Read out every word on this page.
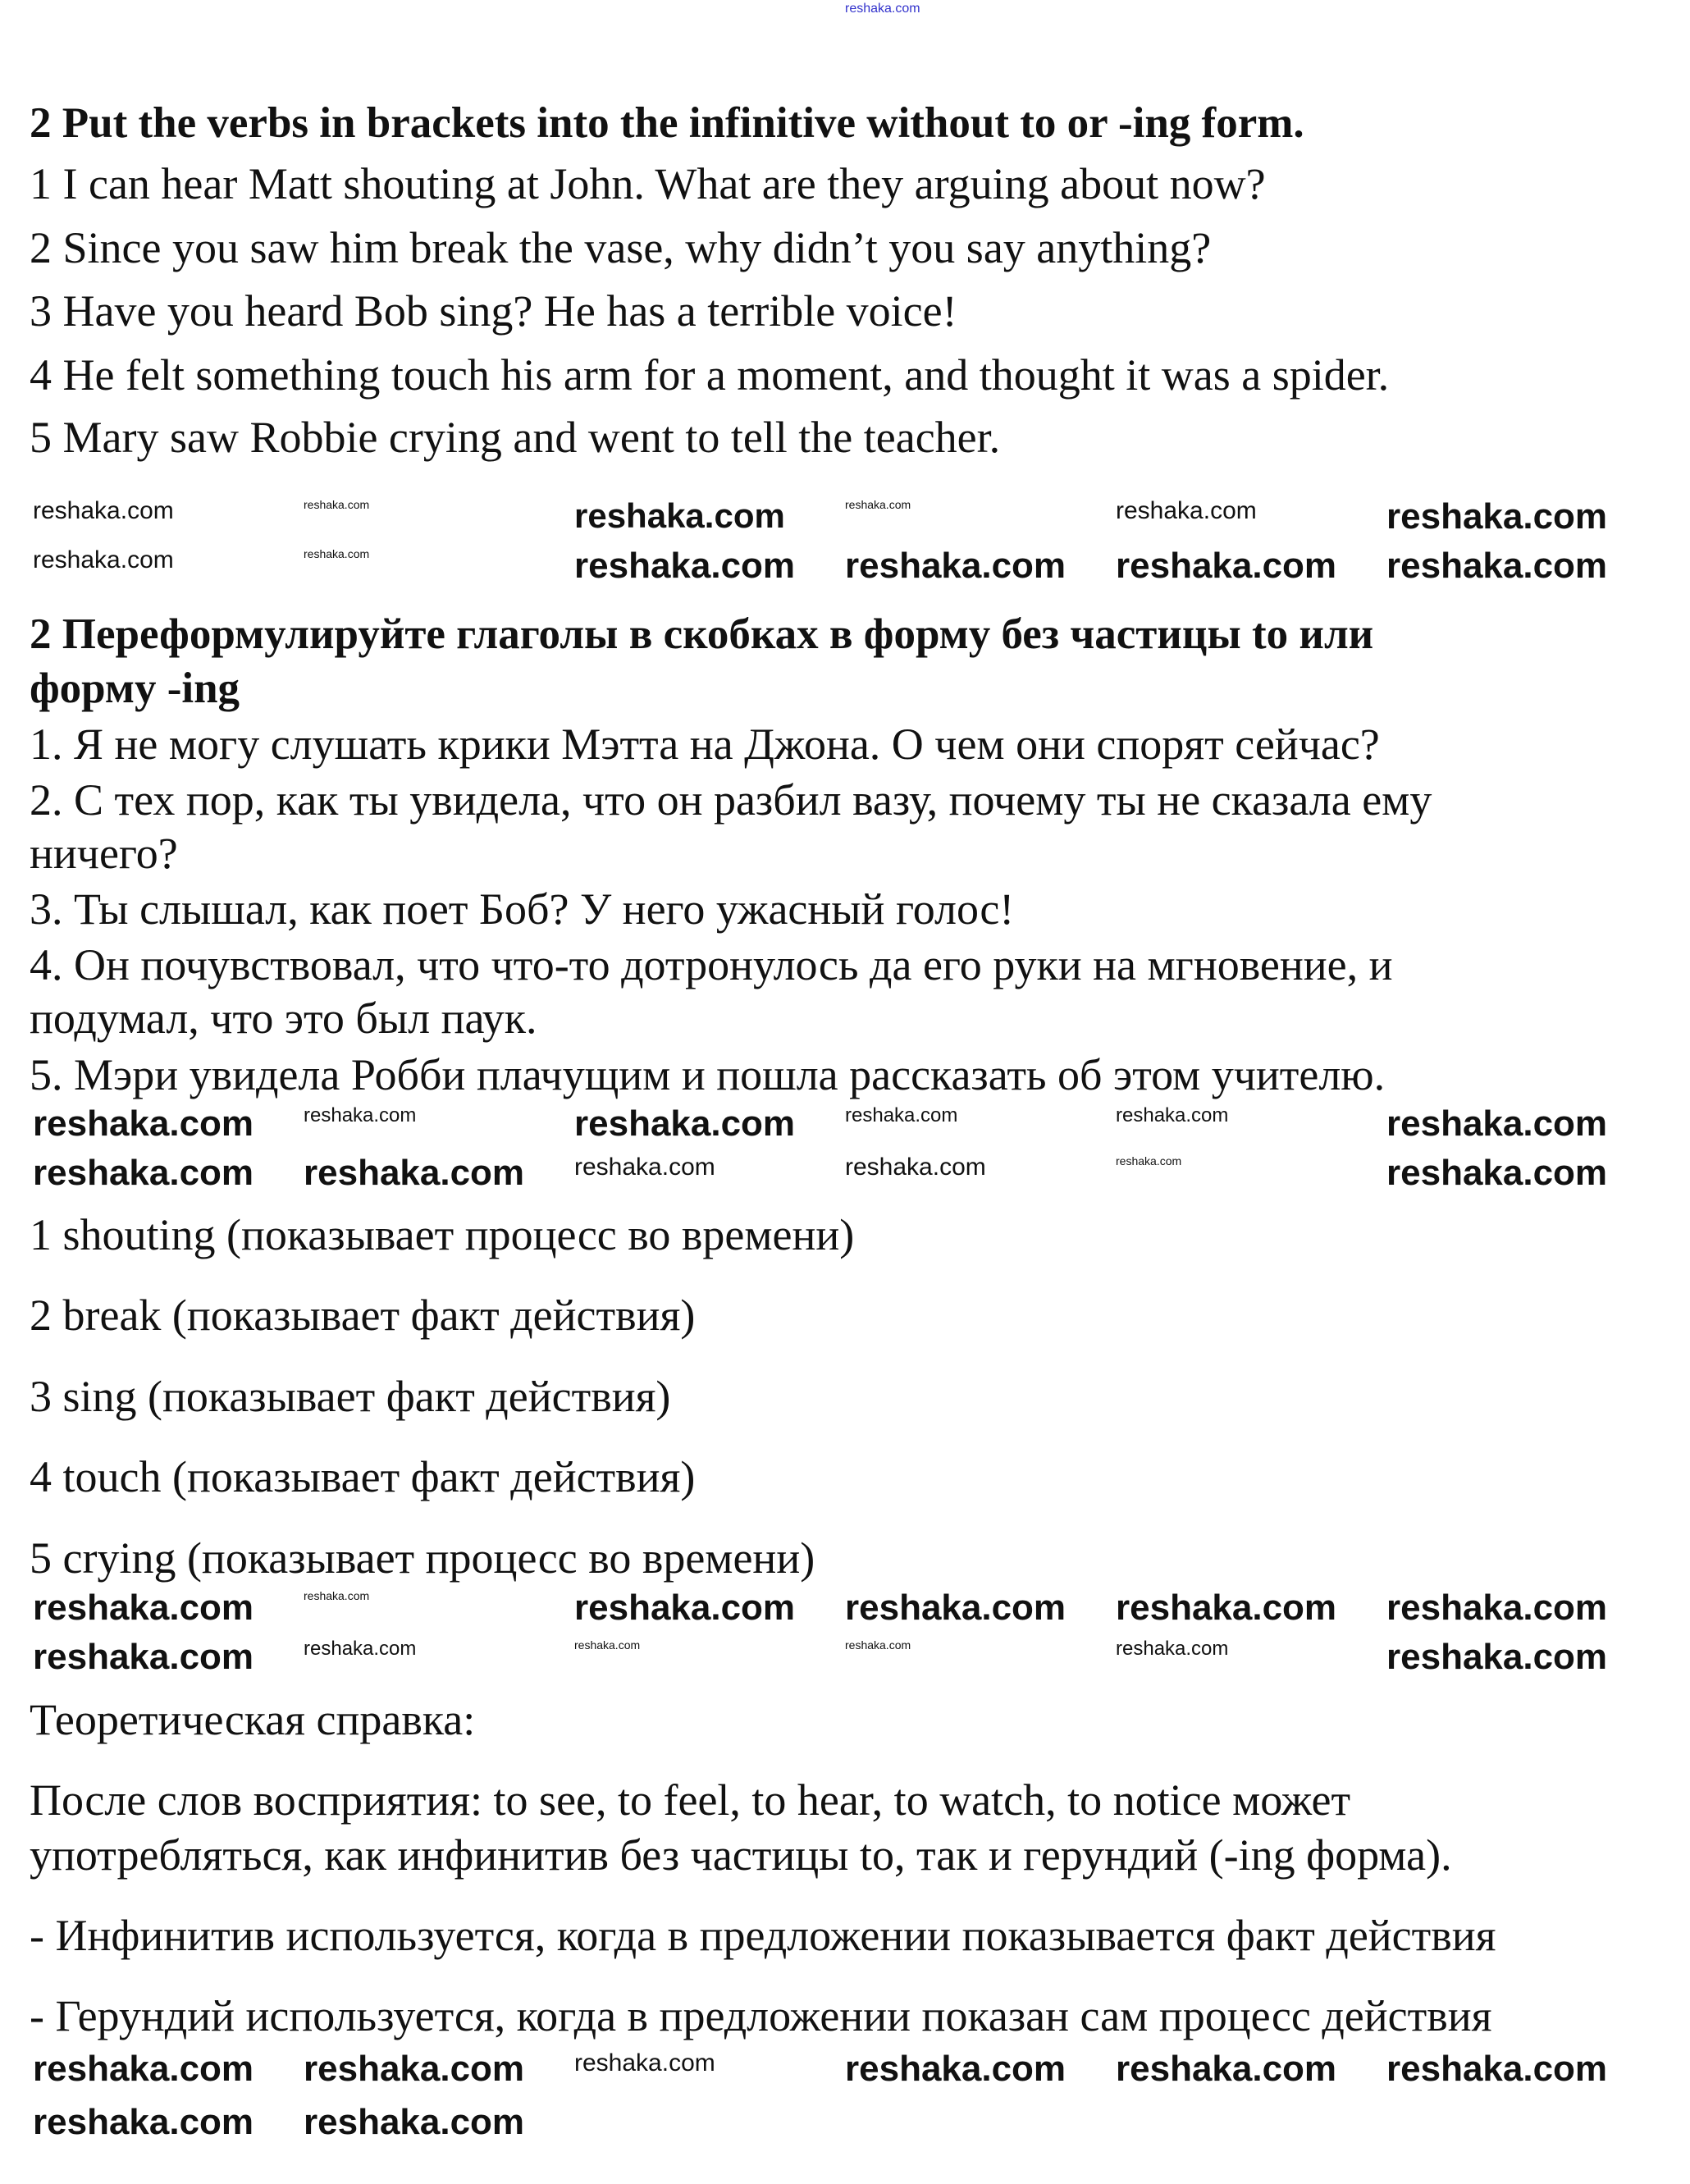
reshaka.com
2 Put the verbs in brackets into the infinitive without to or -ing form.
1 I can hear Matt shouting at John. What are they arguing about now?
2 Since you saw him break the vase, why didn’t you say anything?
3 Have you heard Bob sing? He has a terrible voice!
4 He felt something touch his arm for a moment, and thought it was a spider.
5 Mary saw Robbie crying and went to tell the teacher.
2 Переформулируйте глаголы в скобках в форму без частицы to или
форму -ing
1. Я не могу слушать крики Мэтта на Джона. О чем они спорят сейчас?
2. С тех пор, как ты увидела, что он разбил вазу, почему ты не сказала ему
ничего?
3. Ты слышал, как поет Боб? У него ужасный голос!
4. Он почувствовал, что что-то дотронулось да его руки на мгновение, и
подумал, что это был паук.
5. Мэри увидела Робби плачущим и пошла рассказать об этом учителю.
1 shouting (показывает процесс во времени)
2 break (показывает факт действия)
3 sing (показывает факт действия)
4 touch (показывает факт действия)
5 crying (показывает процесс во времени)
Теоретическая справка:
После слов восприятия: to see, to feel, to hear, to watch, to notice может
употребляться, как инфинитив без частицы to, так и герундий (-ing форма).
- Инфинитив используется, когда в предложении показывается факт действия
- Герундий используется, когда в предложении показан сам процесс действия
reshaka.com	reshaka.com	reshaka.com	reshaka.com	reshaka.com	reshaka.com
reshaka.com	reshaka.com	reshaka.com reshaka.com reshaka.com reshaka.com
reshaka.com	reshaka.com	reshaka.com	reshaka.com	reshaka.com	reshaka.com
reshaka.com reshaka.com reshaka.com	reshaka.com	reshaka.com	reshaka.com
reshaka.com	reshaka.com	reshaka.com reshaka.com reshaka.com reshaka.com
reshaka.com	reshaka.com	reshaka.com	reshaka.com	reshaka.com	reshaka.com
reshaka.com reshaka.com reshaka.com	reshaka.com reshaka.com reshaka.com
reshaka.com reshaka.com
